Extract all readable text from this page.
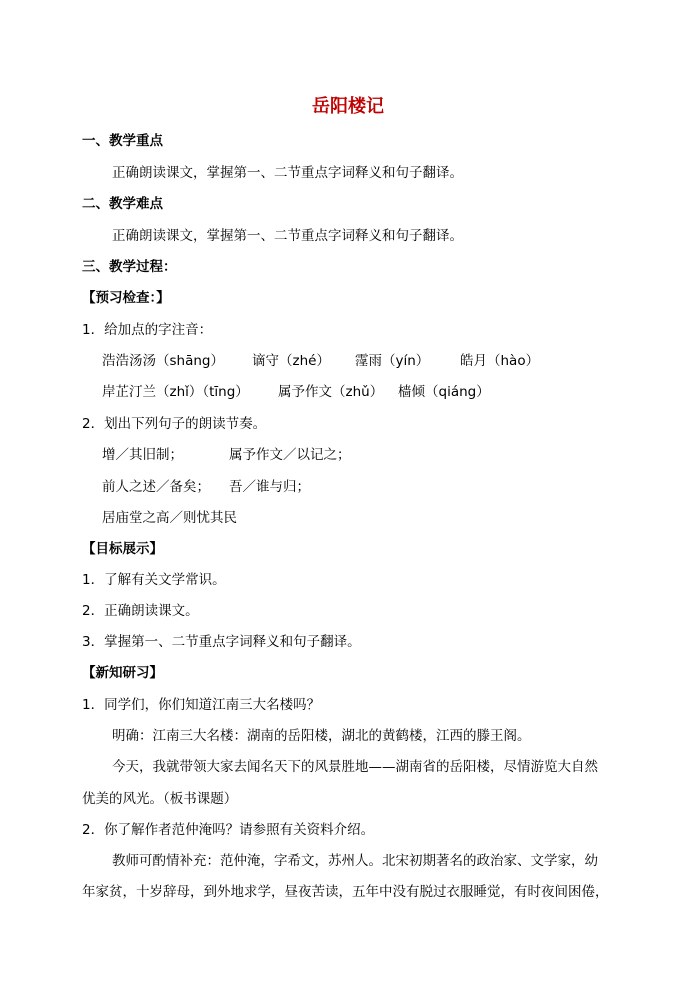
岳阳楼记
一、教学重点
正确朗读课文，掌握第一、二节重点字词释义和句子翻译。
二、教学难点
正确朗读课文，掌握第一、二节重点字词释义和句子翻译。
三、教学过程：
【预习检查：】
1．给加点的字注音：
浩浩汤汤（shāng） 谪守（zhé） 霪雨（yín） 皓月（hào）
岸芷汀兰（zhǐ）（tīng） 属予作文（zhǔ） 樯倾（qiáng）
2．划出下列句子的朗读节奏。
增／其旧制；	属予作文／以记之；
前人之述／备矣； 吾／谁与归；
居庙堂之高／则忧其民
【目标展示】
1．了解有关文学常识。
2．正确朗读课文。
3．掌握第一、二节重点字词释义和句子翻译。
【新知研习】
1．同学们，你们知道江南三大名楼吗？
明确：江南三大名楼：湖南的岳阳楼，湖北的黄鹤楼，江西的滕王阁。
今天，我就带领大家去闻名天下的风景胜地——湖南省的岳阳楼，尽情游览大自然
优美的风光。（板书课题）
2．你了解作者范仲淹吗？请参照有关资料介绍。
教师可酌情补充：范仲淹，字希文，苏州人。北宋初期著名的政治家、文学家，幼
年家贫，十岁辞母，到外地求学，昼夜苦读，五年中没有脱过衣服睡觉，有时夜间困倦，
